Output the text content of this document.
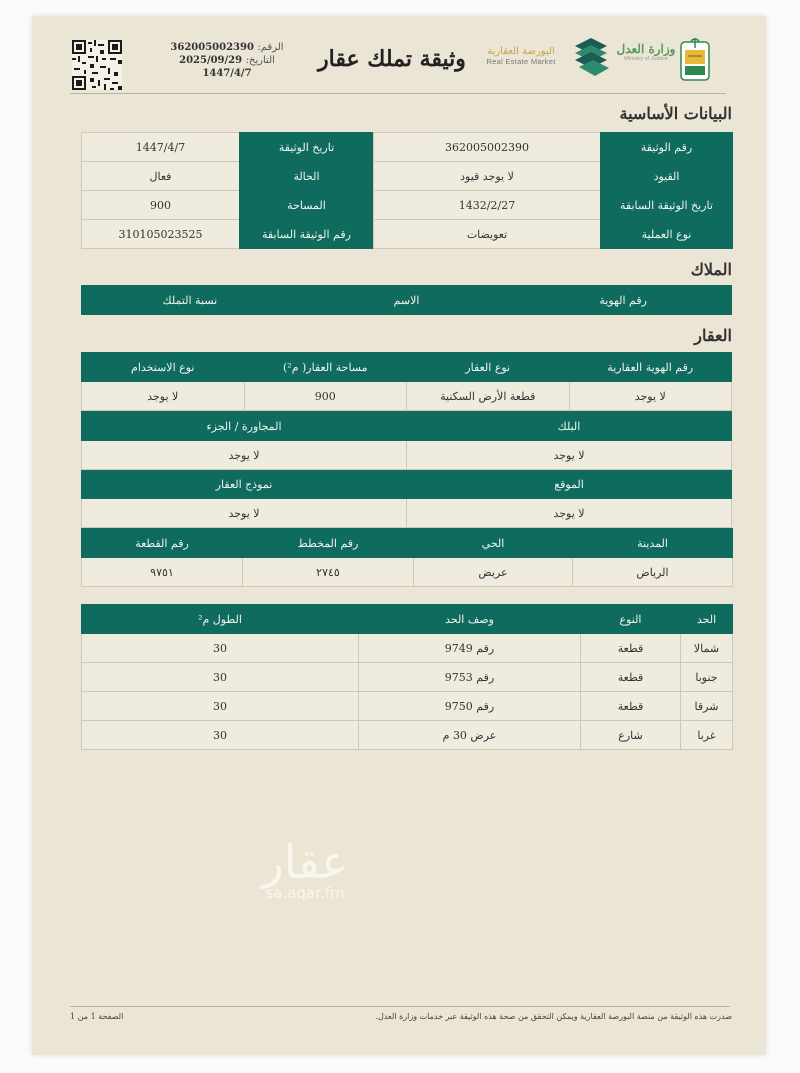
الرقم: 362005002390
التاريخ: 2025/09/29
1447/4/7
وثيقة تملك عقار	البورصة العقارية
Real Estate Market
وزارة العدل
Ministry of Justice
البيانات الأساسية
رقم الوثيقة	362005002390	تاريخ الوثيقة	1447/4/7
القيود	لا يوجد قيود	الحالة	فعال
تاريخ الوثيقة السابقة	1432/2/27	المساحة	900
نوع العملية	تعويضات	رقم الوثيقة السابقة	310105023525
الملاك
رقم الهوية	الاسم	نسبة التملك
العقار
رقم الهوية العقارية	نوع العقار	مساحة العقار( م²)	نوع الاستخدام
لا يوجد	قطعة الأرض السكنية	900	لا يوجد
البلك	المجاورة / الجزء
لا يوجد	لا يوجد
الموقع	نموذج العقار
لا يوجد	لا يوجد
المدينة	الحي	رقم المخطط	رقم القطعة
الرياض	عريض	٢٧٤٥	٩٧٥١
الحد	النوع	وصف الحد	الطول م²
شمالا	قطعة	رقم 9749	30
جنوبا	قطعة	رقم 9753	30
شرقا	قطعة	رقم 9750	30
غربا	شارع	عرض 30 م	30
عقار
sa.aqar.fm
صدرت هذه الوثيقة من منصة البورصة العقارية ويمكن التحقق من صحة هذه الوثيقة عبر خدمات وزارة العدل.
الصفحة 1 من 1
